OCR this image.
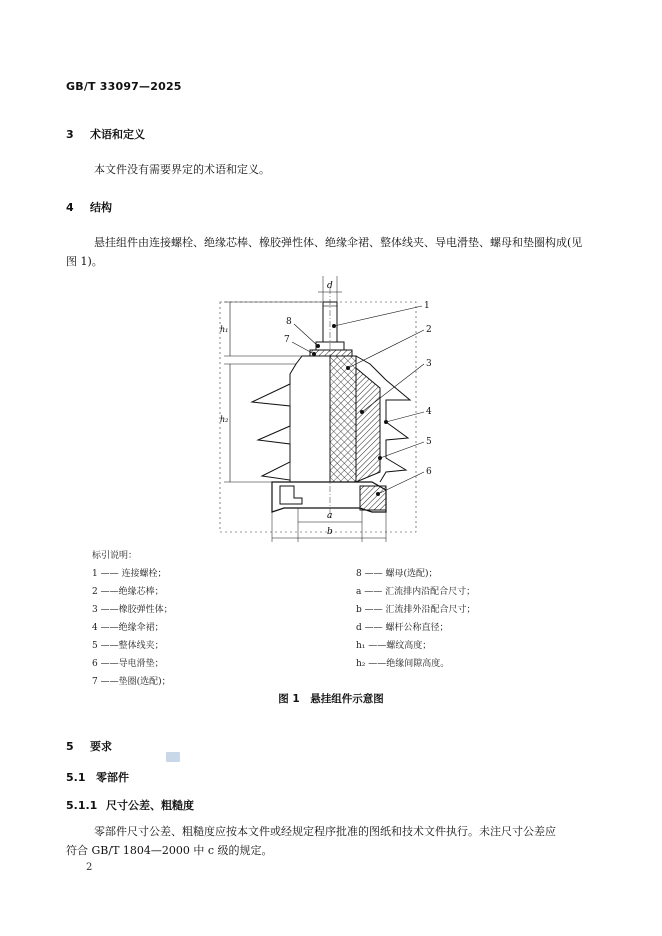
GB/T 33097—2025
3 术语和定义
本文件没有需要界定的术语和定义。
4 结构
悬挂组件由连接螺栓、绝缘芯棒、橡胶弹性体、绝缘伞裙、整体线夹、导电滑垫、螺母和垫圈构成(见
图 1)。
d
h₁
h₂
a
b
1
2
3
4
5
6
7
8
标引说明：
1 —— 连接螺栓；
2 ——绝缘芯棒；
3 ——橡胶弹性体；
4 ——绝缘伞裙；
5 ——整体线夹；
6 ——导电滑垫；
7 ——垫圈(选配)；
8 —— 螺母(选配)；
a —— 汇流排内沿配合尺寸；
b —— 汇流排外沿配合尺寸；
d —— 螺杆公称直径；
h₁ ——螺纹高度；
h₂ ——绝缘间隙高度。
图 1　悬挂组件示意图
5 要求
5.1 零部件
5.1.1 尺寸公差、粗糙度
零部件尺寸公差、粗糙度应按本文件或经规定程序批准的图纸和技术文件执行。未注尺寸公差应
符合 GB/T 1804—2000 中 c 级的规定。
2
